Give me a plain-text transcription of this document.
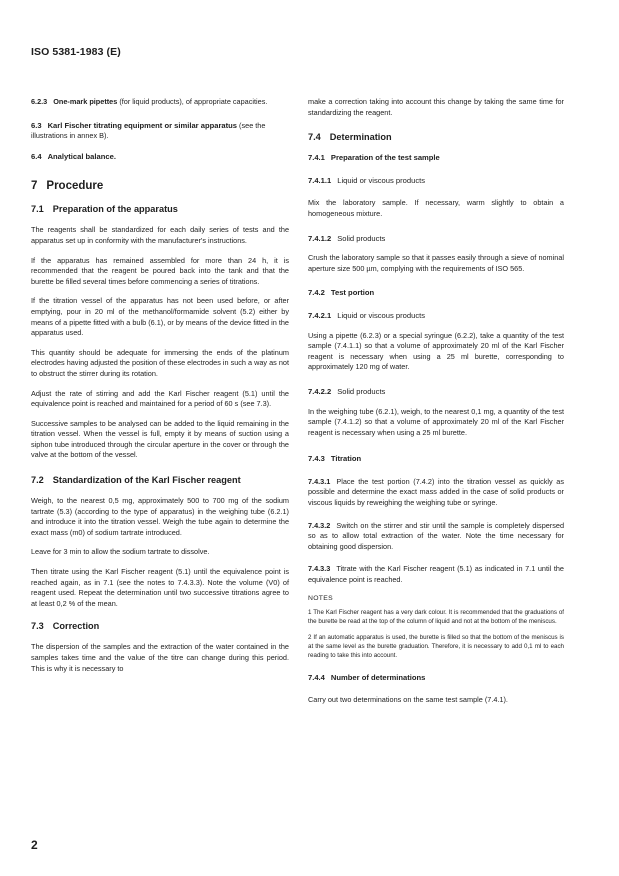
ISO 5381-1983 (E)

6.2.3 One-mark pipettes (for liquid products), of appropriate capacities.

6.3 Karl Fischer titrating equipment or similar apparatus (see the illustrations in annex B).

6.4 Analytical balance.

7 Procedure
7.1 Preparation of the apparatus

The reagents shall be standardized for each daily series of tests and the apparatus set up in conformity with the manufacturer's instructions.

If the apparatus has remained assembled for more than 24 h, it is recommended that the reagent be poured back into the tank and that the burette be filled several times before commencing a series of titrations.

If the titration vessel of the apparatus has not been used before, or after emptying, pour in 20 ml of the methanol/formamide solvent (5.2) either by means of a pipette fitted with a bulb (6.1), or by means of the device fitted in the apparatus used.

This quantity should be adequate for immersing the ends of the platinum electrodes having adjusted the position of these electrodes in such a way as not to obstruct the stirrer during its rotation.

Adjust the rate of stirring and add the Karl Fischer reagent (5.1) until the equivalence point is reached and maintained for a period of 60 s (see 7.3).

Successive samples to be analysed can be added to the liquid remaining in the titration vessel. When the vessel is full, empty it by means of suction using a siphon tube introduced through the circular aperture in the cover or through the valve at the bottom of the vessel.

7.2 Standardization of the Karl Fischer reagent

Weigh, to the nearest 0,5 mg, approximately 500 to 700 mg of the sodium tartrate (5.3) (according to the type of apparatus) in the weighing tube (6.2.1) and introduce it into the titration vessel. Weigh the tube again to determine the exact mass (m0) of sodium tartrate introduced.

Leave for 3 min to allow the sodium tartrate to dissolve.

Then titrate using the Karl Fischer reagent (5.1) until the equivalence point is reached again, as in 7.1 (see the notes to 7.4.3.3). Note the volume (V0) of reagent used. Repeat the determination until two successive titrations agree to at least 0,2 % of the mean.

7.3 Correction

The dispersion of the samples and the extraction of the water contained in the samples takes time and the value of the titre can change during this period. This is why it is necessary to

make a correction taking into account this change by taking the same time for standardizing the reagent.

7.4 Determination

7.4.1 Preparation of the test sample

7.4.1.1 Liquid or viscous products

Mix the laboratory sample. If necessary, warm slightly to obtain a homogeneous mixture.

7.4.1.2 Solid products

Crush the laboratory sample so that it passes easily through a sieve of nominal aperture size 500 µm, complying with the requirements of ISO 565.

7.4.2 Test portion

7.4.2.1 Liquid or viscous products

Using a pipette (6.2.3) or a special syringue (6.2.2), take a quantity of the test sample (7.4.1.1) so that a volume of approximately 20 ml of the Karl Fischer reagent is necessary when using a 25 ml burette, corresponding to approximately 120 mg of water.

7.4.2.2 Solid products

In the weighing tube (6.2.1), weigh, to the nearest 0,1 mg, a quantity of the test sample (7.4.1.2) so that a volume of approximately 20 ml of the Karl Fischer reagent is necessary when using a 25 ml burette.

7.4.3 Titration

7.4.3.1 Place the test portion (7.4.2) into the titration vessel as quickly as possible and determine the exact mass added in the case of solid products or viscous liquids by reweighing the weighing tube or syringe.

7.4.3.2 Switch on the stirrer and stir until the sample is completely dispersed so as to allow total extraction of the water. Note the time necessary for obtaining good dispersion.

7.4.3.3 Titrate with the Karl Fischer reagent (5.1) as indicated in 7.1 until the equivalence point is reached.

NOTES

1 The Karl Fischer reagent has a very dark colour. It is recommended that the graduations of the burette be read at the top of the column of liquid and not at the bottom of the meniscus.

2 If an automatic apparatus is used, the burette is filled so that the bottom of the meniscus is at the same level as the burette graduation. Therefore, it is necessary to add 0,1 ml to each reading to take this into account.

7.4.4 Number of determinations

Carry out two determinations on the same test sample (7.4.1).

2
